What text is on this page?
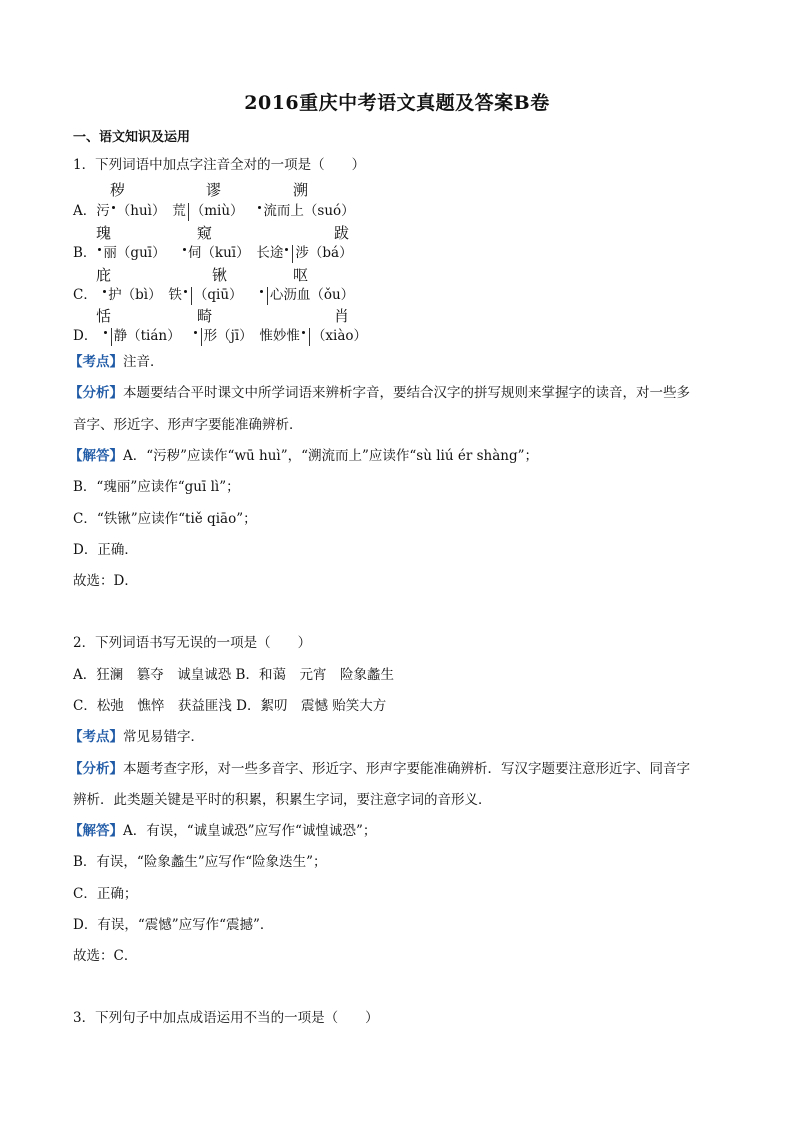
2016重庆中考语文真题及答案B卷
一、语文知识及运用
1．下列词语中加点字注音全对的一项是（　　）
秽	谬	溯
A．污 （huì）　荒 （miù） 流而上（suó）
瑰	窥	跋
B． 丽（guī）　  伺（kuī）　长途 涉（bá）
庇	锹	呕
C． 护（bì）　铁 （qiū）　  心沥血（ǒu）
恬	畸	肖
D． 静（tián）　 形（jī）　惟妙惟 （xiào）
【考点】注音．
【分析】本题要结合平时课文中所学词语来辨析字音，要结合汉字的拼写规则来掌握字的读音，对一些多
音字、形近字、形声字要能准确辨析．
【解答】A．“污秽”应读作“wū huì”，“溯流而上”应读作“sù liú ér shàng”；
B．“瑰丽”应读作“guī lì”；
C．“铁锹”应读作“tiě qiāo”；
D．正确．
故选：D．
2．下列词语书写无误的一项是（　　）
A．狂澜　篡夺　诚皇诚恐 B．和蔼　元宵　险象蠡生
C．松弛　憔悴　获益匪浅 D．絮叨　震憾 贻笑大方
【考点】常见易错字．
【分析】本题考查字形，对一些多音字、形近字、形声字要能准确辨析．写汉字题要注意形近字、同音字
辨析．此类题关键是平时的积累，积累生字词，要注意字词的音形义．
【解答】A．有误，“诚皇诚恐”应写作“诚惶诚恐”；
B．有误，“险象蠡生”应写作“险象迭生”；
C．正确；
D．有误，“震憾”应写作“震撼”．
故选：C．
3．下列句子中加点成语运用不当的一项是（　　）
